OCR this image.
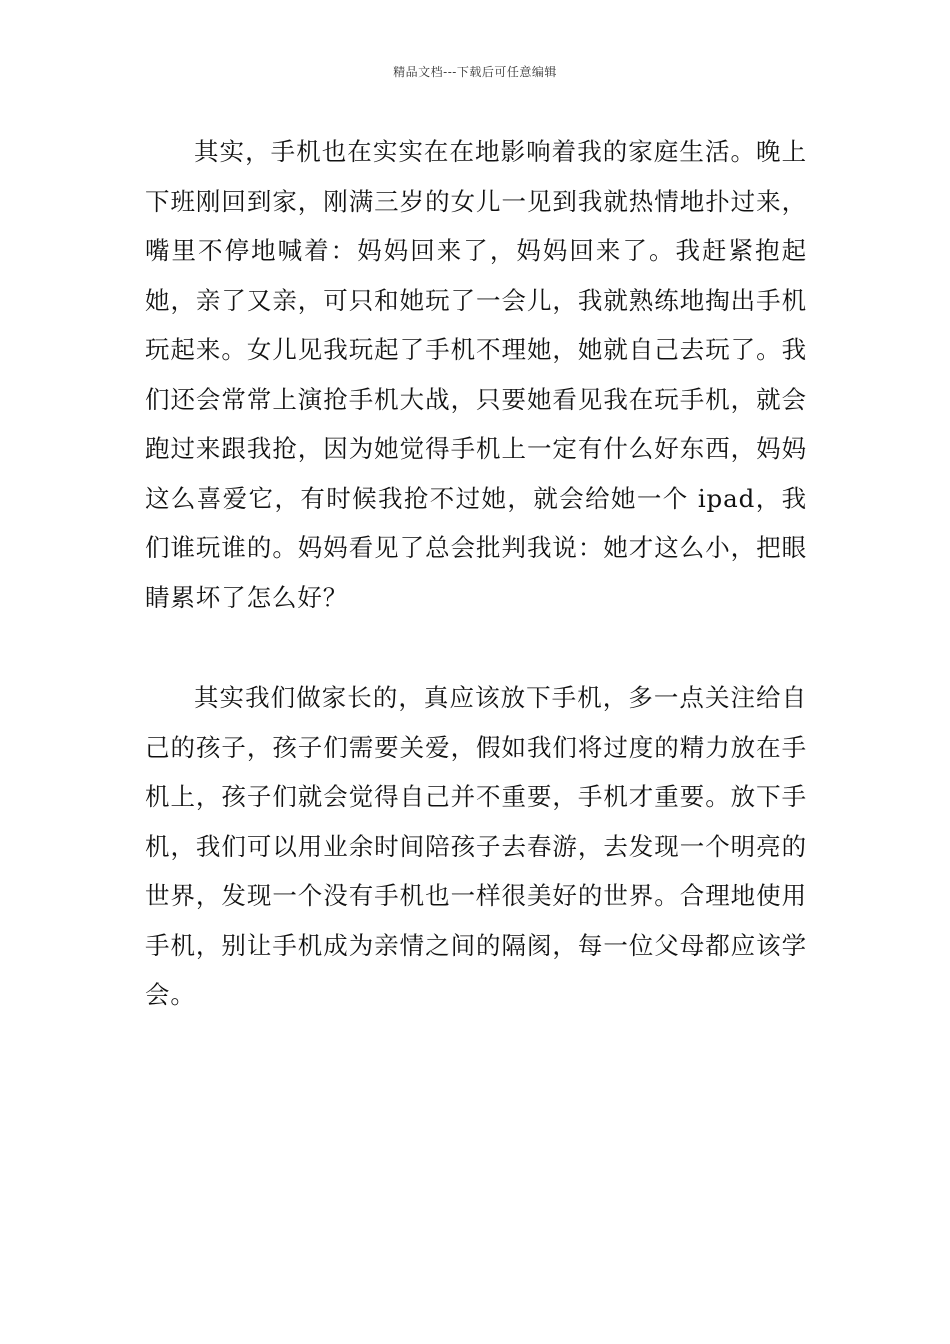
精品文档---下载后可任意编辑

其实，手机也在实实在在地影响着我的家庭生活。晚上下班刚回到家，刚满三岁的女儿一见到我就热情地扑过来，嘴里不停地喊着：妈妈回来了，妈妈回来了。我赶紧抱起她，亲了又亲，可只和她玩了一会儿，我就熟练地掏出手机玩起来。女儿见我玩起了手机不理她，她就自己去玩了。我们还会常常上演抢手机大战，只要她看见我在玩手机，就会跑过来跟我抢，因为她觉得手机上一定有什么好东西，妈妈这么喜爱它，有时候我抢不过她，就会给她一个 ipad，我们谁玩谁的。妈妈看见了总会批判我说：她才这么小，把眼睛累坏了怎么好？

其实我们做家长的，真应该放下手机，多一点关注给自己的孩子，孩子们需要关爱，假如我们将过度的精力放在手机上，孩子们就会觉得自己并不重要，手机才重要。放下手机，我们可以用业余时间陪孩子去春游，去发现一个明亮的世界，发现一个没有手机也一样很美好的世界。合理地使用手机，别让手机成为亲情之间的隔阂，每一位父母都应该学会。
